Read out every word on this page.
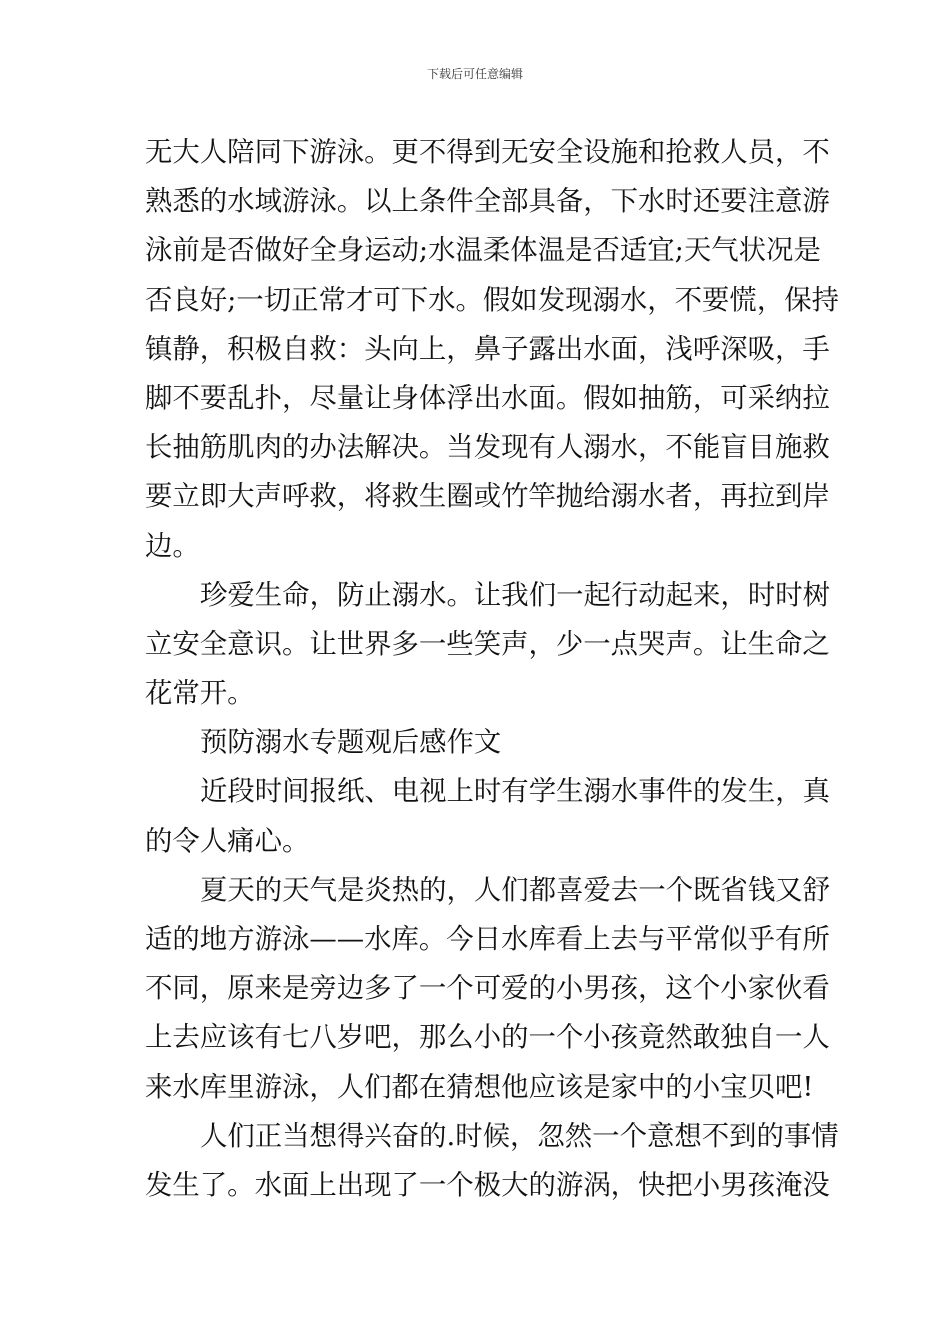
下载后可任意编辑
无大人陪同下游泳。更不得到无安全设施和抢救人员，不
熟悉的水域游泳。以上条件全部具备，下水时还要注意游
泳前是否做好全身运动;水温柔体温是否适宜;天气状况是
否良好;一切正常才可下水。假如发现溺水，不要慌，保持
镇静，积极自救：头向上，鼻子露出水面，浅呼深吸，手
脚不要乱扑，尽量让身体浮出水面。假如抽筋，可采纳拉
长抽筋肌肉的办法解决。当发现有人溺水，不能盲目施救
要立即大声呼救，将救生圈或竹竿抛给溺水者，再拉到岸
边。
珍爱生命，防止溺水。让我们一起行动起来，时时树
立安全意识。让世界多一些笑声，少一点哭声。让生命之
花常开。
预防溺水专题观后感作文
近段时间报纸、电视上时有学生溺水事件的发生，真
的令人痛心。
夏天的天气是炎热的，人们都喜爱去一个既省钱又舒
适的地方游泳——水库。今日水库看上去与平常似乎有所
不同，原来是旁边多了一个可爱的小男孩，这个小家伙看
上去应该有七八岁吧，那么小的一个小孩竟然敢独自一人
来水库里游泳，人们都在猜想他应该是家中的小宝贝吧!
人们正当想得兴奋的.时候，忽然一个意想不到的事情
发生了。水面上出现了一个极大的游涡，快把小男孩淹没
